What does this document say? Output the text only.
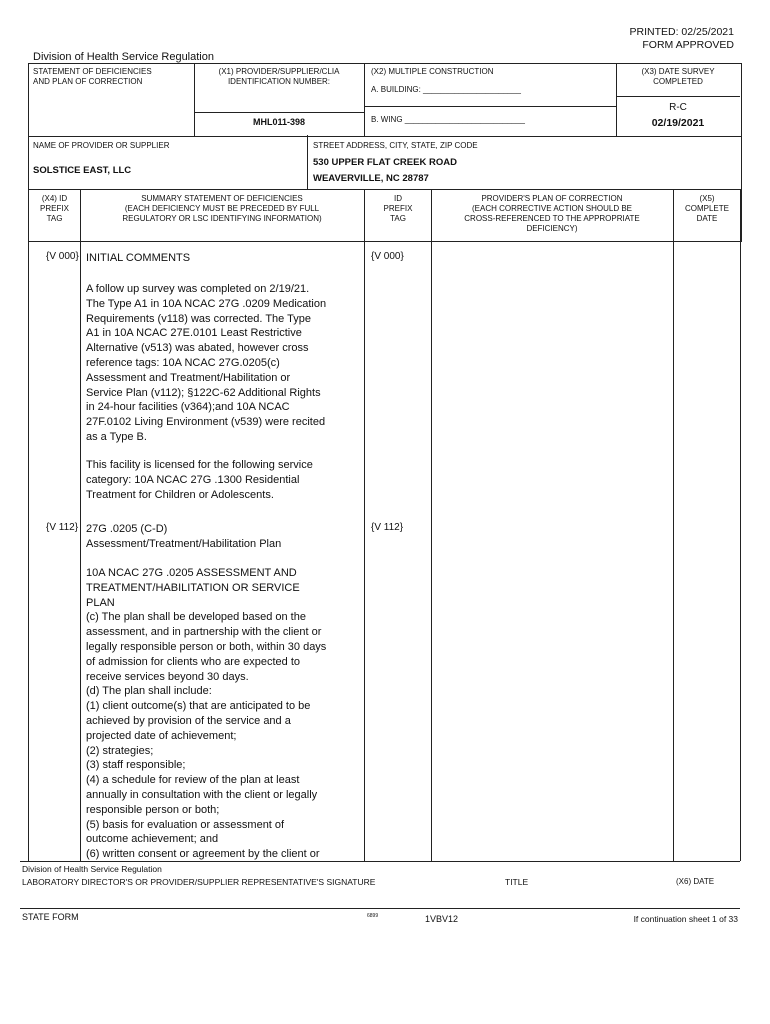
PRINTED: 02/25/2021
FORM APPROVED
Division of Health Service Regulation
STATEMENT OF DEFICIENCIES
AND PLAN OF CORRECTION
(X1) PROVIDER/SUPPLIER/CLIA
IDENTIFICATION NUMBER:
MHL011-398
(X2) MULTIPLE CONSTRUCTION
A. BUILDING: ______________________
B. WING ___________________________
(X3) DATE SURVEY
COMPLETED
R-C
02/19/2021
NAME OF PROVIDER OR SUPPLIER
SOLSTICE EAST, LLC
STREET ADDRESS, CITY, STATE, ZIP CODE
530 UPPER FLAT CREEK ROAD
WEAVERVILLE, NC 28787
(X4) ID
PREFIX
TAG
SUMMARY STATEMENT OF DEFICIENCIES
(EACH DEFICIENCY MUST BE PRECEDED BY FULL
REGULATORY OR LSC IDENTIFYING INFORMATION)
ID
PREFIX
TAG
PROVIDER'S PLAN OF CORRECTION
(EACH CORRECTIVE ACTION SHOULD BE
CROSS-REFERENCED TO THE APPROPRIATE
DEFICIENCY)
(X5)
COMPLETE
DATE
{V 000}	{V 000}
INITIAL COMMENTS
A follow up survey was completed on 2/19/21.
The Type A1 in 10A NCAC 27G .0209 Medication
Requirements (v118) was corrected. The Type
A1 in 10A NCAC 27E.0101 Least Restrictive
Alternative (v513) was abated, however cross
reference tags: 10A NCAC 27G.0205(c)
Assessment and Treatment/Habilitation or
Service Plan (v112); §122C-62 Additional Rights
in 24-hour facilities (v364);and 10A NCAC
27F.0102 Living Environment (v539) were recited
as a Type B.
This facility is licensed for the following service
category: 10A NCAC 27G .1300 Residential
Treatment for Children or Adolescents.
{V 112}	{V 112}
27G .0205 (C-D)
Assessment/Treatment/Habilitation Plan
10A NCAC 27G .0205 ASSESSMENT AND
TREATMENT/HABILITATION OR SERVICE
PLAN
(c) The plan shall be developed based on the
assessment, and in partnership with the client or
legally responsible person or both, within 30 days
of admission for clients who are expected to
receive services beyond 30 days.
(d) The plan shall include:
(1) client outcome(s) that are anticipated to be
achieved by provision of the service and a
projected date of achievement;
(2) strategies;
(3) staff responsible;
(4) a schedule for review of the plan at least
annually in consultation with the client or legally
responsible person or both;
(5) basis for evaluation or assessment of
outcome achievement; and
(6) written consent or agreement by the client or
Division of Health Service Regulation
LABORATORY DIRECTOR'S OR PROVIDER/SUPPLIER REPRESENTATIVE'S SIGNATURE	TITLE	(X6) DATE
STATE FORM	6899	1VBV12	If continuation sheet 1 of 33
